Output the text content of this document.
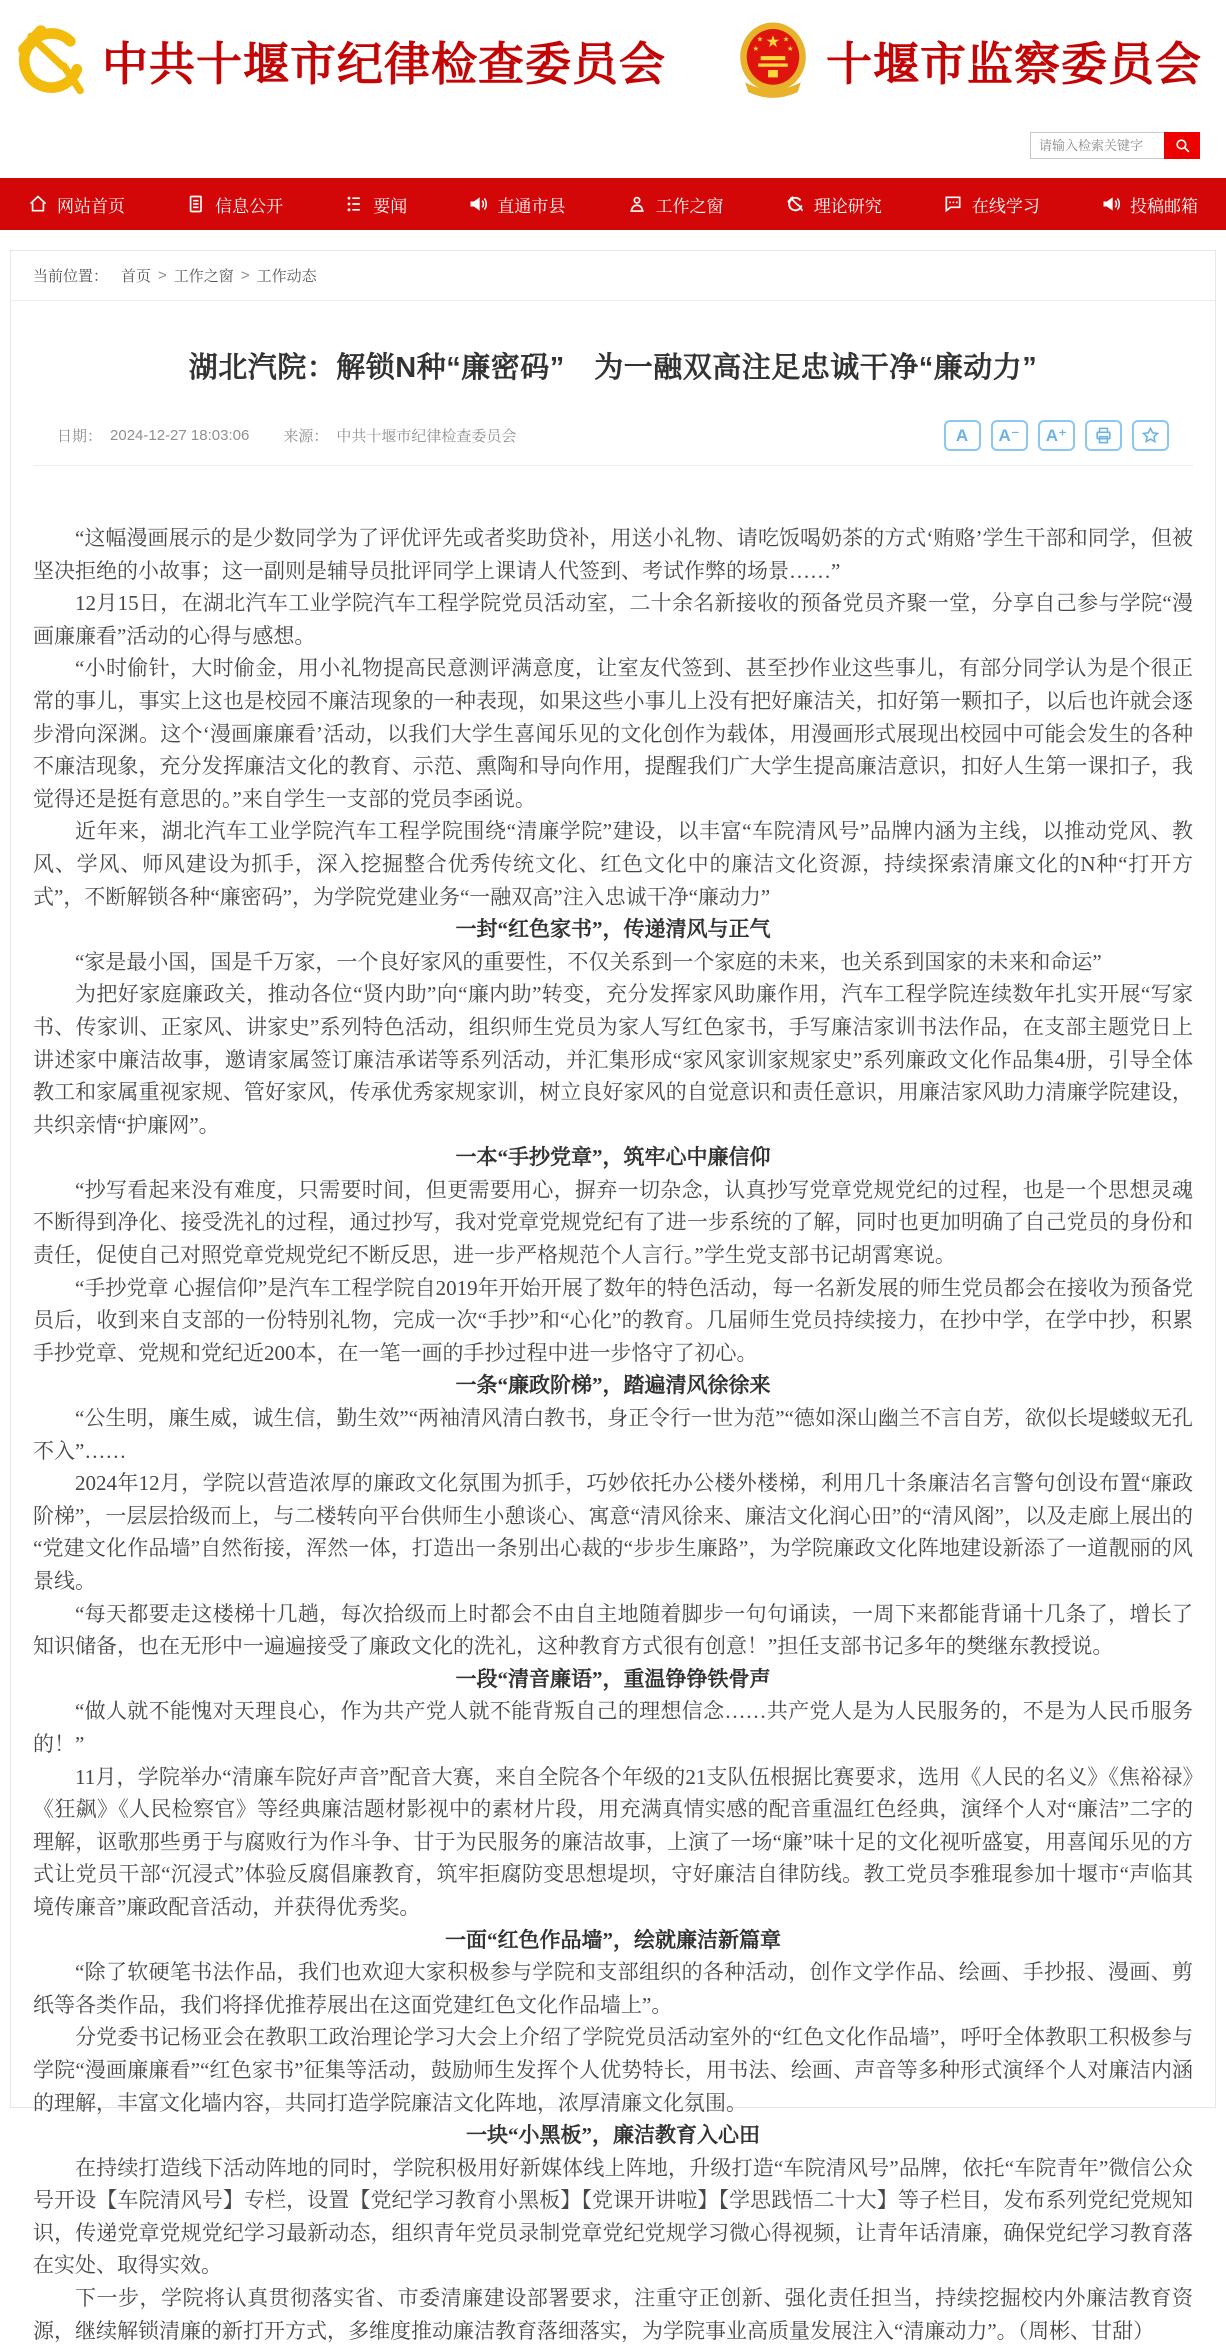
中共十堰市纪律检查委员会	★
★ ★
★	★ 十堰市监察委员会
请输入检索关键字
网站首页	信息公开	要闻	直通市县	工作之窗	理论研究	在线学习	投稿邮箱
当前位置： 首页 > 工作之窗 > 工作动态
湖北汽院：解锁N种“廉密码”　为一融双高注足忠诚干净“廉动力”
日期： 2024-12-27 18:03:06 来源： 中共十堰市纪律检查委员会	A	A⁻	A⁺

“这幅漫画展示的是少数同学为了评优评先或者奖助贷补，用送小礼物、请吃饭喝奶茶的方式‘贿赂’学生干部和同学，但被坚决拒绝的小故事；这一副则是辅导员批评同学上课请人代签到、考试作弊的场景……”

12月15日，在湖北汽车工业学院汽车工程学院党员活动室，二十余名新接收的预备党员齐聚一堂，分享自己参与学院“漫画廉廉看”活动的心得与感想。

“小时偷针，大时偷金，用小礼物提高民意测评满意度，让室友代签到、甚至抄作业这些事儿，有部分同学认为是个很正常的事儿，事实上这也是校园不廉洁现象的一种表现，如果这些小事儿上没有把好廉洁关，扣好第一颗扣子，以后也许就会逐步滑向深渊。这个‘漫画廉廉看’活动，以我们大学生喜闻乐见的文化创作为载体，用漫画形式展现出校园中可能会发生的各种不廉洁现象，充分发挥廉洁文化的教育、示范、熏陶和导向作用，提醒我们广大学生提高廉洁意识，扣好人生第一课扣子，我觉得还是挺有意思的。”来自学生一支部的党员李函说。

近年来，湖北汽车工业学院汽车工程学院围绕“清廉学院”建设，以丰富“车院清风号”品牌内涵为主线，以推动党风、教风、学风、师风建设为抓手，深入挖掘整合优秀传统文化、红色文化中的廉洁文化资源，持续探索清廉文化的N种“打开方式”，不断解锁各种“廉密码”，为学院党建业务“一融双高”注入忠诚干净“廉动力”

一封“红色家书”，传递清风与正气

“家是最小国，国是千万家，一个良好家风的重要性，不仅关系到一个家庭的未来，也关系到国家的未来和命运”

为把好家庭廉政关，推动各位“贤内助”向“廉内助”转变，充分发挥家风助廉作用，汽车工程学院连续数年扎实开展“写家书、传家训、正家风、讲家史”系列特色活动，组织师生党员为家人写红色家书，手写廉洁家训书法作品，在支部主题党日上讲述家中廉洁故事，邀请家属签订廉洁承诺等系列活动，并汇集形成“家风家训家规家史”系列廉政文化作品集4册，引导全体教工和家属重视家规、管好家风，传承优秀家规家训，树立良好家风的自觉意识和责任意识，用廉洁家风助力清廉学院建设，共织亲情“护廉网”。

一本“手抄党章”，筑牢心中廉信仰

“抄写看起来没有难度，只需要时间，但更需要用心，摒弃一切杂念，认真抄写党章党规党纪的过程，也是一个思想灵魂不断得到净化、接受洗礼的过程，通过抄写，我对党章党规党纪有了进一步系统的了解，同时也更加明确了自己党员的身份和责任，促使自己对照党章党规党纪不断反思，进一步严格规范个人言行。”学生党支部书记胡霄寒说。

“手抄党章 心握信仰”是汽车工程学院自2019年开始开展了数年的特色活动，每一名新发展的师生党员都会在接收为预备党员后，收到来自支部的一份特别礼物，完成一次“手抄”和“心化”的教育。几届师生党员持续接力，在抄中学，在学中抄，积累手抄党章、党规和党纪近200本，在一笔一画的手抄过程中进一步恪守了初心。

一条“廉政阶梯”，踏遍清风徐徐来

“公生明，廉生威，诚生信，勤生效”“两袖清风清白教书，身正令行一世为范”“德如深山幽兰不言自芳，欲似长堤蝼蚁无孔不入”……

2024年12月，学院以营造浓厚的廉政文化氛围为抓手，巧妙依托办公楼外楼梯，利用几十条廉洁名言警句创设布置“廉政阶梯”，一层层拾级而上，与二楼转向平台供师生小憩谈心、寓意“清风徐来、廉洁文化润心田”的“清风阁”，以及走廊上展出的“党建文化作品墙”自然衔接，浑然一体，打造出一条别出心裁的“步步生廉路”，为学院廉政文化阵地建设新添了一道靓丽的风景线。

“每天都要走这楼梯十几趟，每次拾级而上时都会不由自主地随着脚步一句句诵读，一周下来都能背诵十几条了，增长了知识储备，也在无形中一遍遍接受了廉政文化的洗礼，这种教育方式很有创意！”担任支部书记多年的樊继东教授说。

一段“清音廉语”，重温铮铮铁骨声

“做人就不能愧对天理良心，作为共产党人就不能背叛自己的理想信念……共产党人是为人民服务的，不是为人民币服务的！”

11月，学院举办“清廉车院好声音”配音大赛，来自全院各个年级的21支队伍根据比赛要求，选用《人民的名义》《焦裕禄》《狂飙》《人民检察官》等经典廉洁题材影视中的素材片段，用充满真情实感的配音重温红色经典，演绎个人对“廉洁”二字的理解，讴歌那些勇于与腐败行为作斗争、甘于为民服务的廉洁故事，上演了一场“廉”味十足的文化视听盛宴，用喜闻乐见的方式让党员干部“沉浸式”体验反腐倡廉教育，筑牢拒腐防变思想堤坝，守好廉洁自律防线。教工党员李雅琨参加十堰市“声临其境传廉音”廉政配音活动，并获得优秀奖。

一面“红色作品墙”，绘就廉洁新篇章

“除了软硬笔书法作品，我们也欢迎大家积极参与学院和支部组织的各种活动，创作文学作品、绘画、手抄报、漫画、剪纸等各类作品，我们将择优推荐展出在这面党建红色文化作品墙上”。

分党委书记杨亚会在教职工政治理论学习大会上介绍了学院党员活动室外的“红色文化作品墙”，呼吁全体教职工积极参与学院“漫画廉廉看”“红色家书”征集等活动，鼓励师生发挥个人优势特长，用书法、绘画、声音等多种形式演绎个人对廉洁内涵的理解，丰富文化墙内容，共同打造学院廉洁文化阵地，浓厚清廉文化氛围。

一块“小黑板”，廉洁教育入心田

在持续打造线下活动阵地的同时，学院积极用好新媒体线上阵地，升级打造“车院清风号”品牌，依托“车院青年”微信公众号开设【车院清风号】专栏，设置【党纪学习教育小黑板】【党课开讲啦】【学思践悟二十大】等子栏目，发布系列党纪党规知识，传递党章党规党纪学习最新动态，组织青年党员录制党章党纪党规学习微心得视频，让青年话清廉，确保党纪学习教育落在实处、取得实效。

下一步，学院将认真贯彻落实省、市委清廉建设部署要求，注重守正创新、强化责任担当，持续挖掘校内外廉洁教育资源，继续解锁清廉的新打开方式，多维度推动廉洁教育落细落实，为学院事业高质量发展注入“清廉动力”。（周彬、甘甜）
